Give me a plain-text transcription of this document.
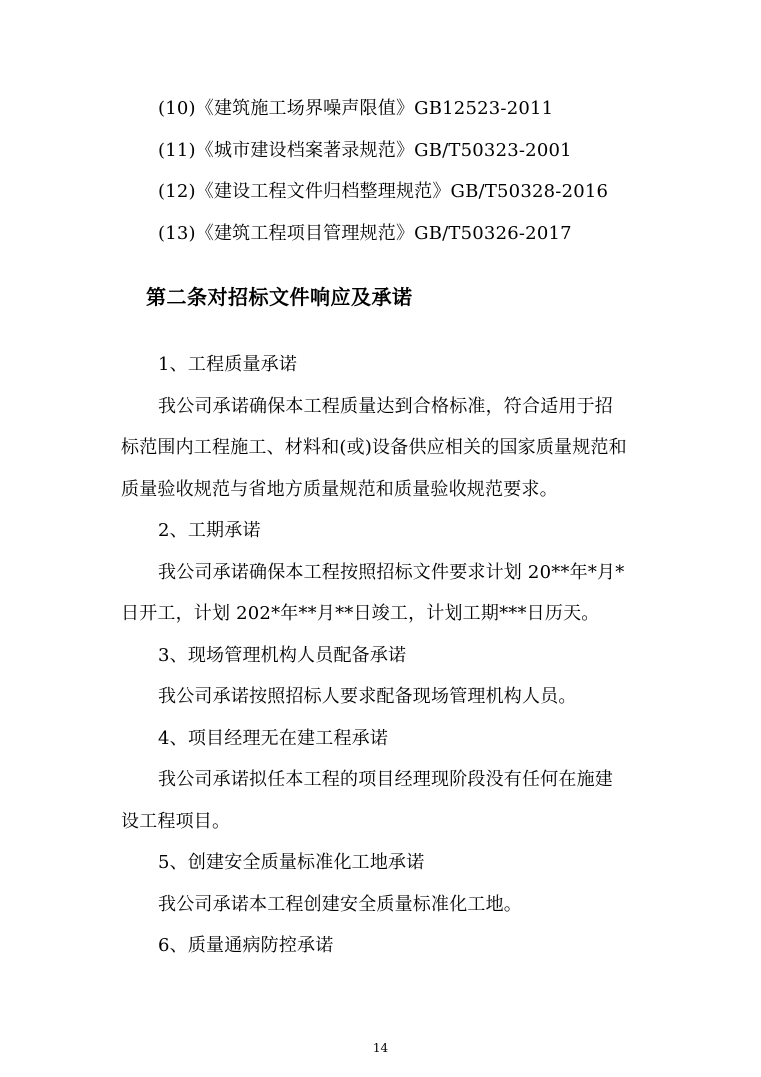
(10)《建筑施工场界噪声限值》GB12523-2011
(11)《城市建设档案著录规范》GB/T50323-2001
(12)《建设工程文件归档整理规范》GB/T50328-2016
(13)《建筑工程项目管理规范》GB/T50326-2017
第二条对招标文件响应及承诺
1、工程质量承诺
我公司承诺确保本工程质量达到合格标准，符合适用于招
标范围内工程施工、材料和(或)设备供应相关的国家质量规范和
质量验收规范与省地方质量规范和质量验收规范要求。
2、工期承诺
我公司承诺确保本工程按照招标文件要求计划 20**年*月*
日开工，计划 202*年**月**日竣工，计划工期***日历天。
3、现场管理机构人员配备承诺
我公司承诺按照招标人要求配备现场管理机构人员。
4、项目经理无在建工程承诺
我公司承诺拟任本工程的项目经理现阶段没有任何在施建
设工程项目。
5、创建安全质量标准化工地承诺
我公司承诺本工程创建安全质量标准化工地。
6、质量通病防控承诺
14
